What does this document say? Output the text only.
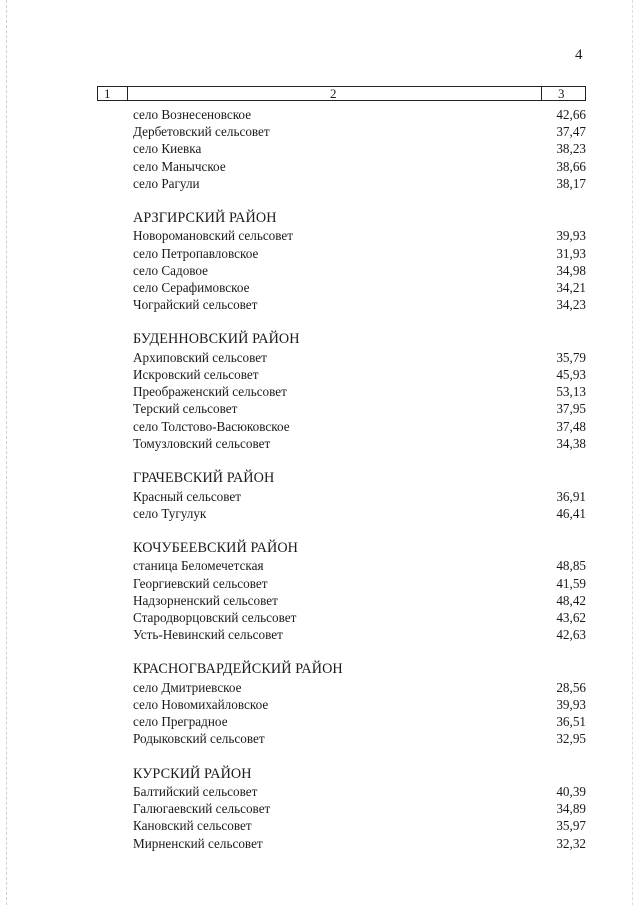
4
1	2	3
село Вознесеновское	42,66
Дербетовский сельсовет	37,47
село Киевка	38,23
село Манычское	38,66
село Рагули	38,17
АРЗГИРСКИЙ РАЙОН
Новоромановский сельсовет	39,93
село Петропавловское	31,93
село Садовое	34,98
село Серафимовское	34,21
Чограйский сельсовет	34,23
БУДЕННОВСКИЙ РАЙОН
Архиповский сельсовет	35,79
Искровский сельсовет	45,93
Преображенский сельсовет	53,13
Терский сельсовет	37,95
село Толстово-Васюковское	37,48
Томузловский сельсовет	34,38
ГРАЧЕВСКИЙ РАЙОН
Красный сельсовет	36,91
село Тугулук	46,41
КОЧУБЕЕВСКИЙ РАЙОН
станица Беломечетская	48,85
Георгиевский сельсовет	41,59
Надзорненский сельсовет	48,42
Стародворцовский сельсовет	43,62
Усть-Невинский сельсовет	42,63
КРАСНОГВАРДЕЙСКИЙ РАЙОН
село Дмитриевское	28,56
село Новомихайловское	39,93
село Преградное	36,51
Родыковский сельсовет	32,95
КУРСКИЙ РАЙОН
Балтийский сельсовет	40,39
Галюгаевский сельсовет	34,89
Кановский сельсовет	35,97
Мирненский сельсовет	32,32
